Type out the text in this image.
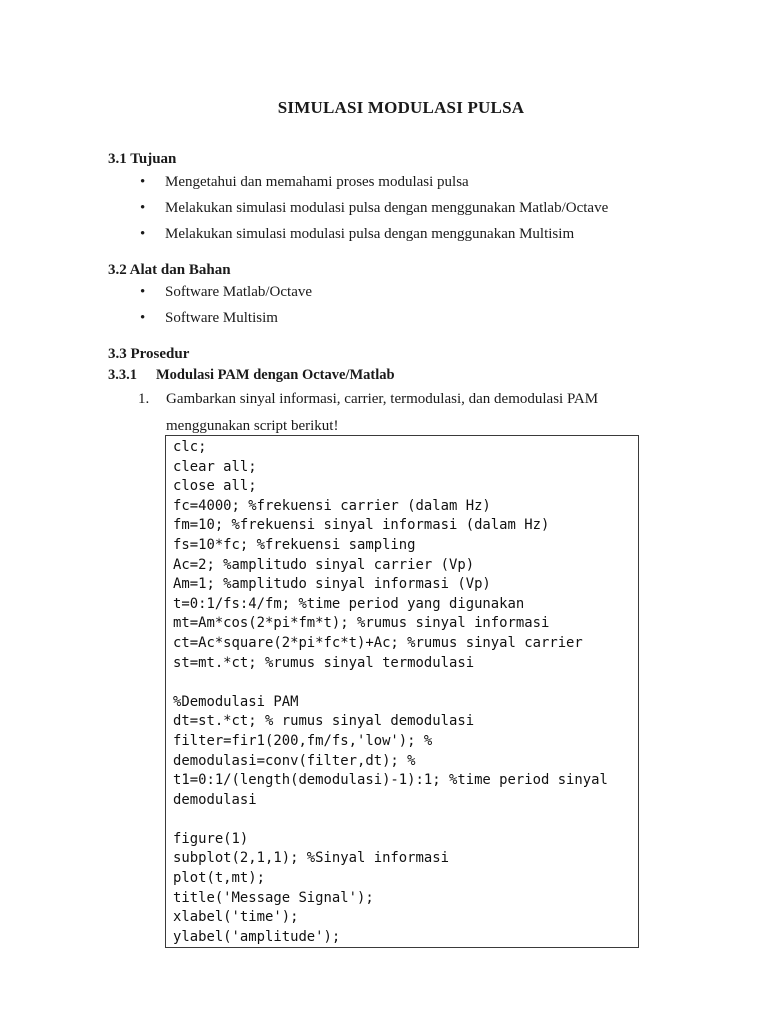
SIMULASI MODULASI PULSA
3.1 Tujuan
•	Mengetahui dan memahami proses modulasi pulsa
•	Melakukan simulasi modulasi pulsa dengan menggunakan Matlab/Octave
•	Melakukan simulasi modulasi pulsa dengan menggunakan Multisim
3.2 Alat dan Bahan
•	Software Matlab/Octave
•	Software Multisim
3.3 Prosedur
3.3.1 Modulasi PAM dengan Octave/Matlab
1. Gambarkan sinyal informasi, carrier, termodulasi, dan demodulasi PAM menggunakan script berikut!
clc;
clear all;
close all;
fc=4000; %frekuensi carrier (dalam Hz)
fm=10; %frekuensi sinyal informasi (dalam Hz)
fs=10*fc; %frekuensi sampling
Ac=2; %amplitudo sinyal carrier (Vp)
Am=1; %amplitudo sinyal informasi (Vp)
t=0:1/fs:4/fm; %time period yang digunakan
mt=Am*cos(2*pi*fm*t); %rumus sinyal informasi
ct=Ac*square(2*pi*fc*t)+Ac; %rumus sinyal carrier
st=mt.*ct; %rumus sinyal termodulasi
%Demodulasi PAM
dt=st.*ct; % rumus sinyal demodulasi
filter=fir1(200,fm/fs,'low'); %
demodulasi=conv(filter,dt); %
t1=0:1/(length(demodulasi)-1):1; %time period sinyal
demodulasi
figure(1)
subplot(2,1,1); %Sinyal informasi
plot(t,mt);
title('Message Signal');
xlabel('time');
ylabel('amplitude');
